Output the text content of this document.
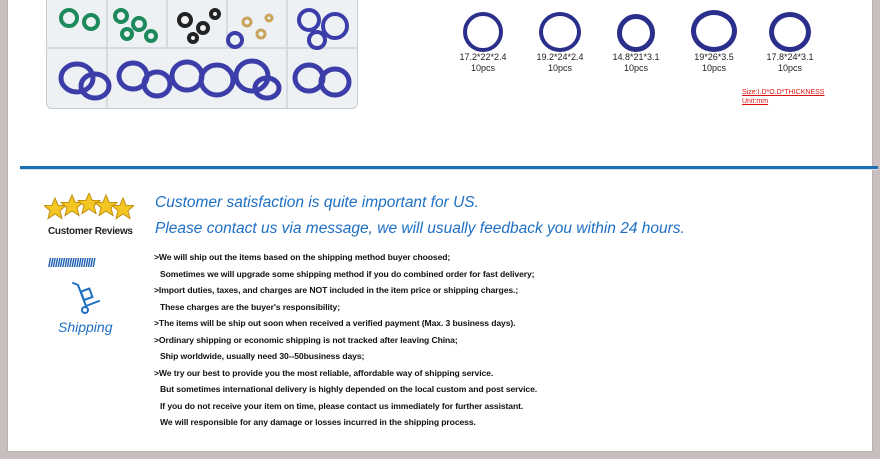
17.2*22*2.4
10pcs
19.2*24*2.4
10pcs
14.8*21*3.1
10pcs
19*26*3.5
10pcs
17.8*24*3.1
10pcs
Size:I.D*O.D*THICKNESS
Unit:mm
Customer Reviews
////////////////////
Shipping
Customer satisfaction is quite important for US.
Please contact us via message, we will usually feedback you within 24 hours.
>We will ship out the items based on the shipping method buyer choosed;
Sometimes we will upgrade some shipping method if you do combined order for fast delivery;
>Import duties, taxes, and charges are NOT included in the item price or shipping charges.;
These charges are the buyer's responsibility;
>The items will be ship out soon when received a verified payment (Max. 3 business days).
>Ordinary shipping or economic shipping is not tracked after leaving China;
Ship worldwide, usually need 30--50business days;
>We try our best to provide you the most reliable, affordable way of shipping service.
But sometimes international delivery is highly depended on the local custom and post service.
If you do not receive your item on time, please contact us immediately for further assistant.
We will responsible for any damage or losses incurred in the shipping process.
